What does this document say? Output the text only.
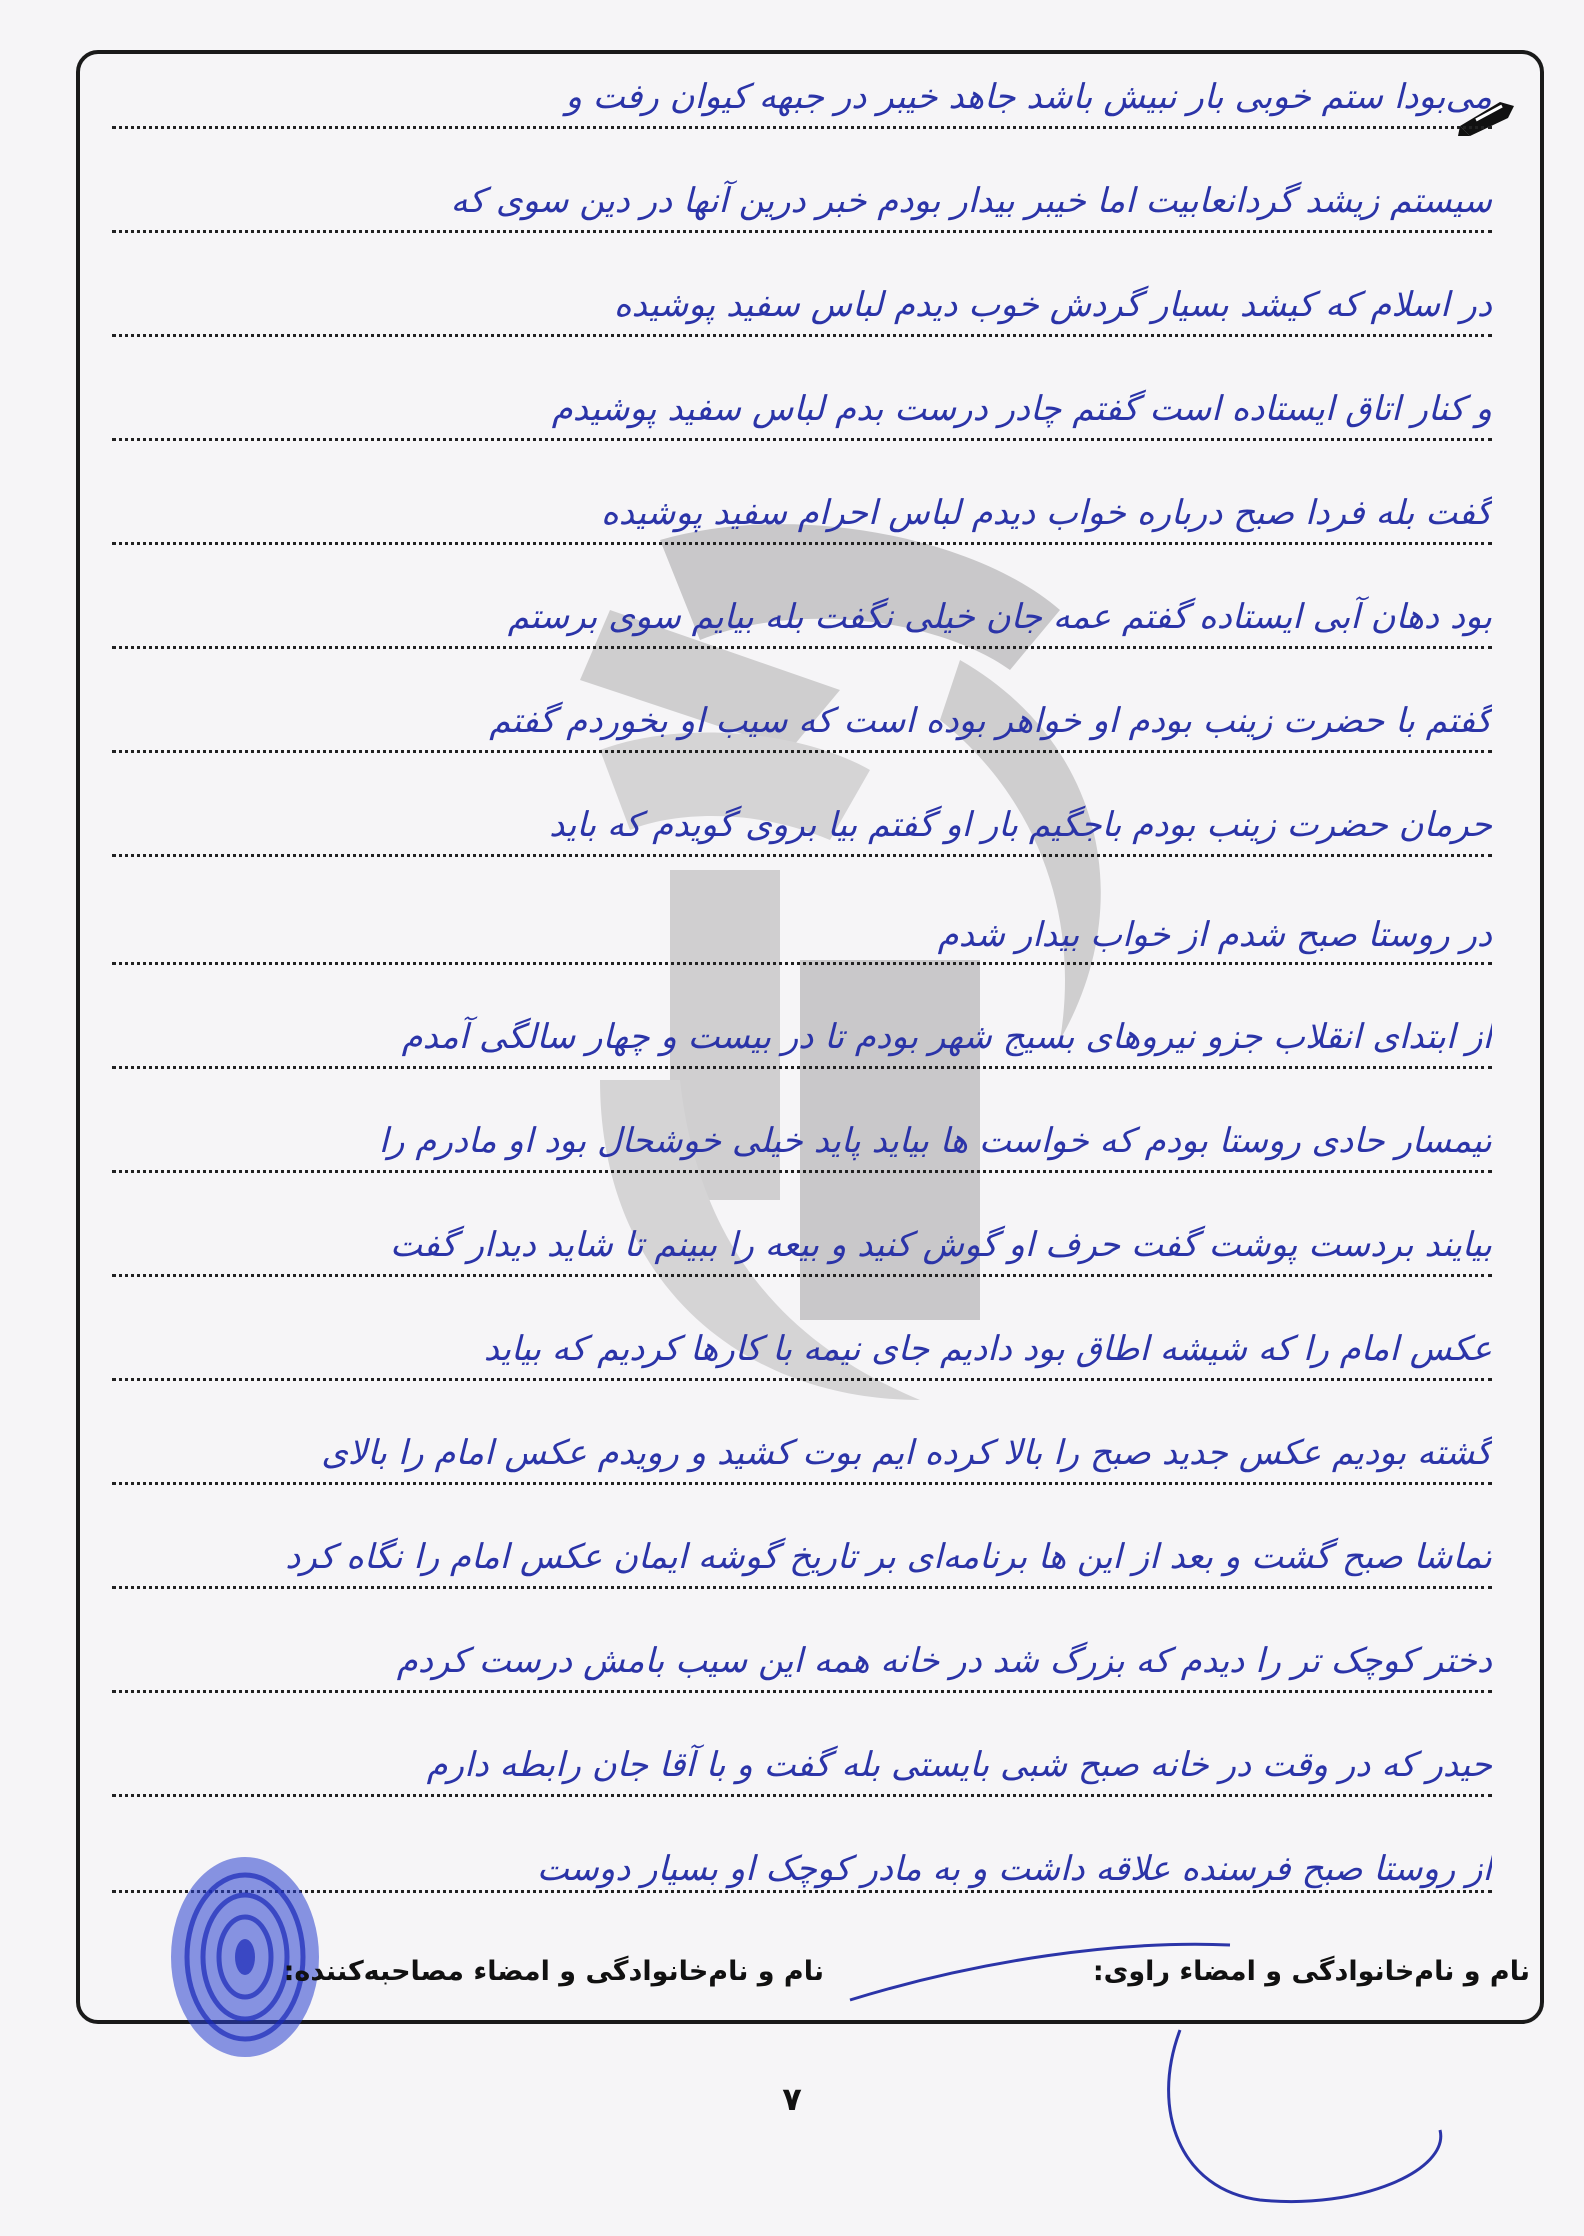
می‌بودا ستم خوبی بار نبیش باشد جاهد خیبر در جبهه کیوان رفت و
سیستم زیشد گردانعابیت اما خیبر بیدار بودم خبر درین آنها در دین سوی که
در اسلام که کیشد بسیار گردش خوب دیدم لباس سفید پوشیده
و کنار اتاق ایستاده است گفتم چادر درست بدم لباس سفید پوشیدم
گفت بله فردا صبح درباره خواب دیدم لباس احرام سفید پوشیده
بود دهان آبی ایستاده گفتم عمه جان خیلی نگفت بله بیایم سوی برستم
گفتم با حضرت زینب بودم او خواهر بوده است که سیب او بخوردم گفتم
حرمان حضرت زینب بودم باجگیم بار او گفتم بیا بروی گویدم که باید
در روستا صبح شدم از خواب بیدار شدم
از ابتدای انقلاب جزو نیروهای بسیج شهر بودم تا در بیست و چهار سالگی آمدم
تیمسار حادی روستا بودم که خواست ها بیاید پاید خیلی خوشحال بود او مادرم را
بیایند بردست پوشت گفت حرف او گوش کنید و بیعه را ببینم تا شاید دیدار گفت
عکس امام را که شیشه اطاق بود دادیم جای نیمه با کارها کردیم که بیاید
گشته بودیم عکس جدید صبح را بالا کرده ایم بوت کشید و رویدم عکس امام را بالای
تماشا صبح گشت و بعد از این ها برنامه‌ای بر تاریخ گوشه ایمان عکس امام را نگاه کرد
دختر کوچک تر را دیدم که بزرگ شد در خانه همه این سیب بامش درست کردم
حیدر که در وقت در خانه صبح شبی بایستی بله گفت و با آقا جان رابطه دارم
از روستا صبح فرسنده علاقه داشت و به مادر کوچک او بسیار دوست
نام و نام‌خانوادگی و امضاء راوی:
نام و نام‌خانوادگی و امضاء مصاحبه‌کننده:
۷
